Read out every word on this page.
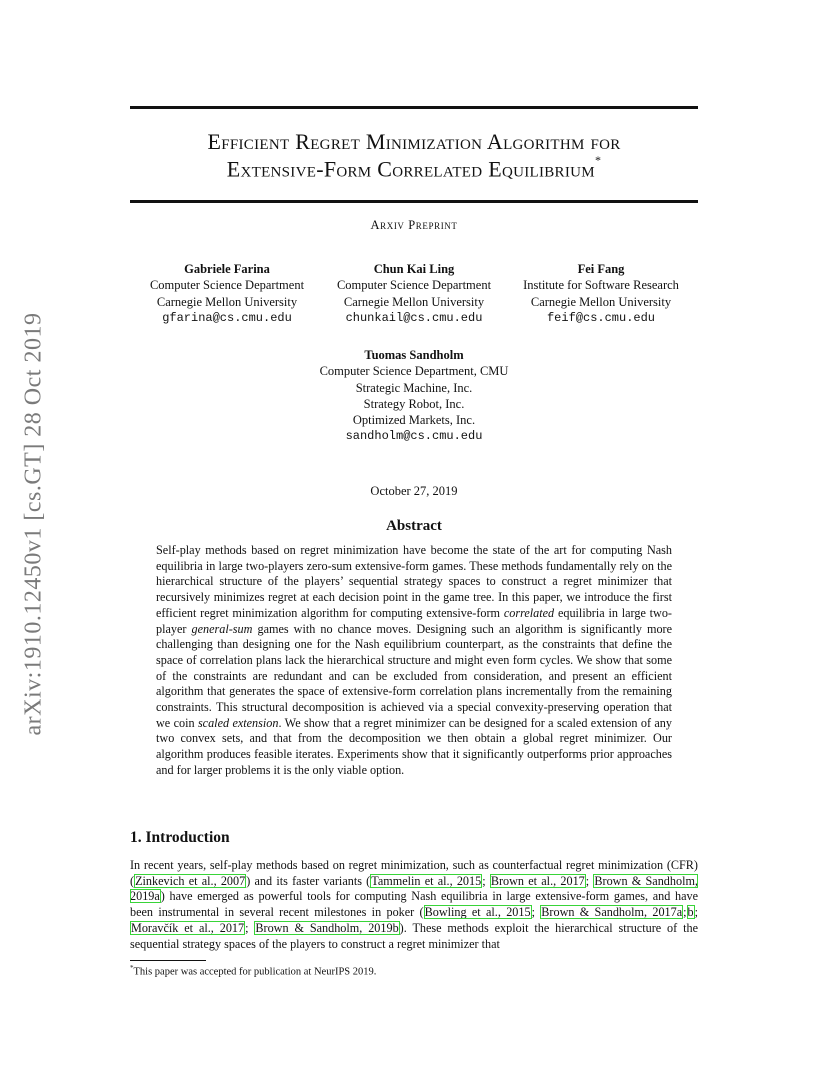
arXiv:1910.12450v1 [cs.GT] 28 Oct 2019
Efficient Regret Minimization Algorithm for
Extensive-Form Correlated Equilibrium*
Arxiv Preprint
Gabriele Farina
Computer Science Department
Carnegie Mellon University
gfarina@cs.cmu.edu
Chun Kai Ling
Computer Science Department
Carnegie Mellon University
chunkail@cs.cmu.edu
Fei Fang
Institute for Software Research
Carnegie Mellon University
feif@cs.cmu.edu
Tuomas Sandholm
Computer Science Department, CMU
Strategic Machine, Inc.
Strategy Robot, Inc.
Optimized Markets, Inc.
sandholm@cs.cmu.edu
October 27, 2019
Abstract

Self-play methods based on regret minimization have become the state of the art for computing Nash equilibria in large two-players zero-sum extensive-form games. These methods fundamentally rely on the hierarchical structure of the players’ sequential strategy spaces to construct a regret minimizer that recursively minimizes regret at each decision point in the game tree. In this paper, we introduce the first efficient regret minimization algorithm for computing extensive-form correlated equilibria in large two-player general-sum games with no chance moves. Designing such an algorithm is significantly more challenging than designing one for the Nash equilibrium counterpart, as the constraints that define the space of correlation plans lack the hierarchical structure and might even form cycles. We show that some of the constraints are redundant and can be excluded from consideration, and present an efficient algorithm that generates the space of extensive-form correlation plans incrementally from the remaining constraints. This structural decomposition is achieved via a special convexity-preserving operation that we coin scaled extension. We show that a regret minimizer can be designed for a scaled extension of any two convex sets, and that from the decomposition we then obtain a global regret minimizer. Our algorithm produces feasible iterates. Experiments show that it significantly outperforms prior approaches and for larger problems it is the only viable option.

1. Introduction

In recent years, self-play methods based on regret minimization, such as counterfactual regret minimization (CFR) (Zinkevich et al., 2007) and its faster variants (Tammelin et al., 2015; Brown et al., 2017; Brown & Sandholm, 2019a) have emerged as powerful tools for computing Nash equilibria in large extensive-form games, and have been instrumental in several recent milestones in poker (Bowling et al., 2015; Brown & Sandholm, 2017a;b; Moravčík et al., 2017; Brown & Sandholm, 2019b). These methods exploit the hierarchical structure of the sequential strategy spaces of the players to construct a regret minimizer that

*This paper was accepted for publication at NeurIPS 2019.
